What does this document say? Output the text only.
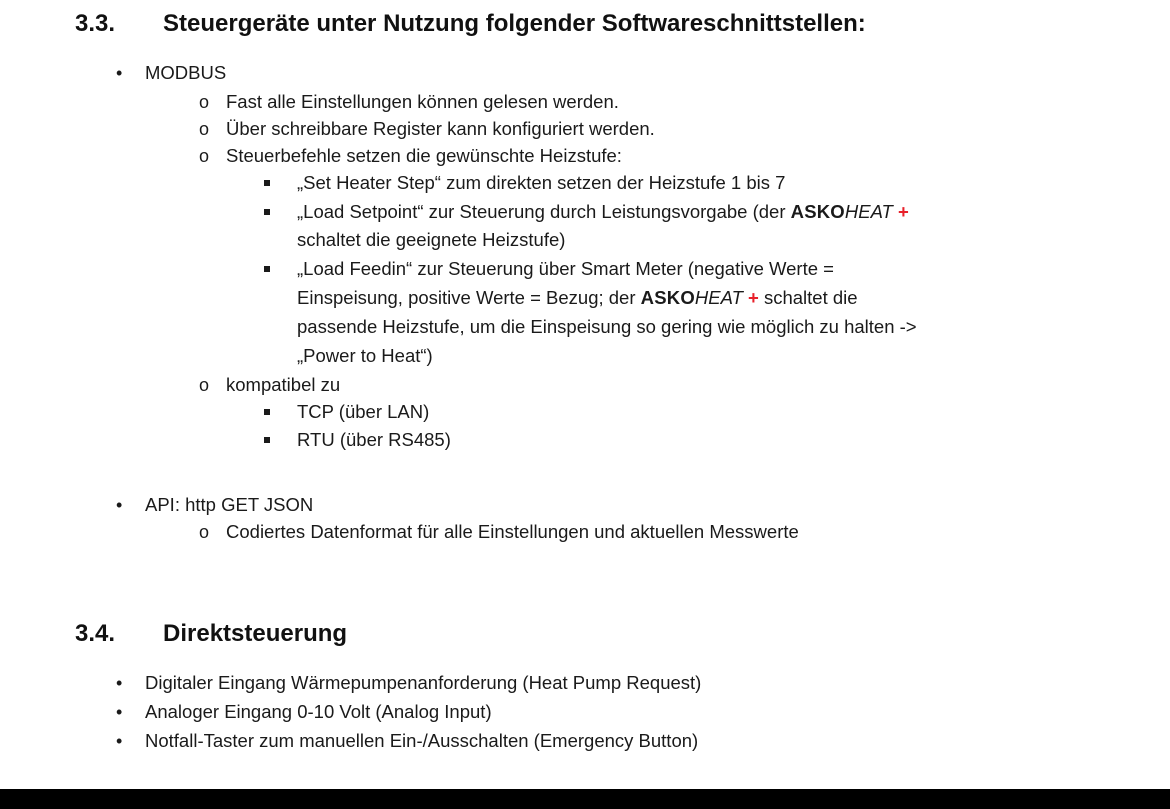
3.3. Steuergeräte unter Nutzung folgender Softwareschnittstellen:
• MODBUS
o Fast alle Einstellungen können gelesen werden.
o Über schreibbare Register kann konfiguriert werden.
o Steuerbefehle setzen die gewünschte Heizstufe:
„Set Heater Step“ zum direkten setzen der Heizstufe 1 bis 7
„Load Setpoint“ zur Steuerung durch Leistungsvorgabe (der ASKOHEAT +
schaltet die geeignete Heizstufe)
„Load Feedin“ zur Steuerung über Smart Meter (negative Werte =
Einspeisung, positive Werte = Bezug; der ASKOHEAT + schaltet die
passende Heizstufe, um die Einspeisung so gering wie möglich zu halten ->
„Power to Heat“)
o kompatibel zu
TCP (über LAN)
RTU (über RS485)
• API: http GET JSON
o Codiertes Datenformat für alle Einstellungen und aktuellen Messwerte
3.4. Direktsteuerung
• Digitaler Eingang Wärmepumpenanforderung (Heat Pump Request)
• Analoger Eingang 0-10 Volt (Analog Input)
• Notfall-Taster zum manuellen Ein-/Ausschalten (Emergency Button)
